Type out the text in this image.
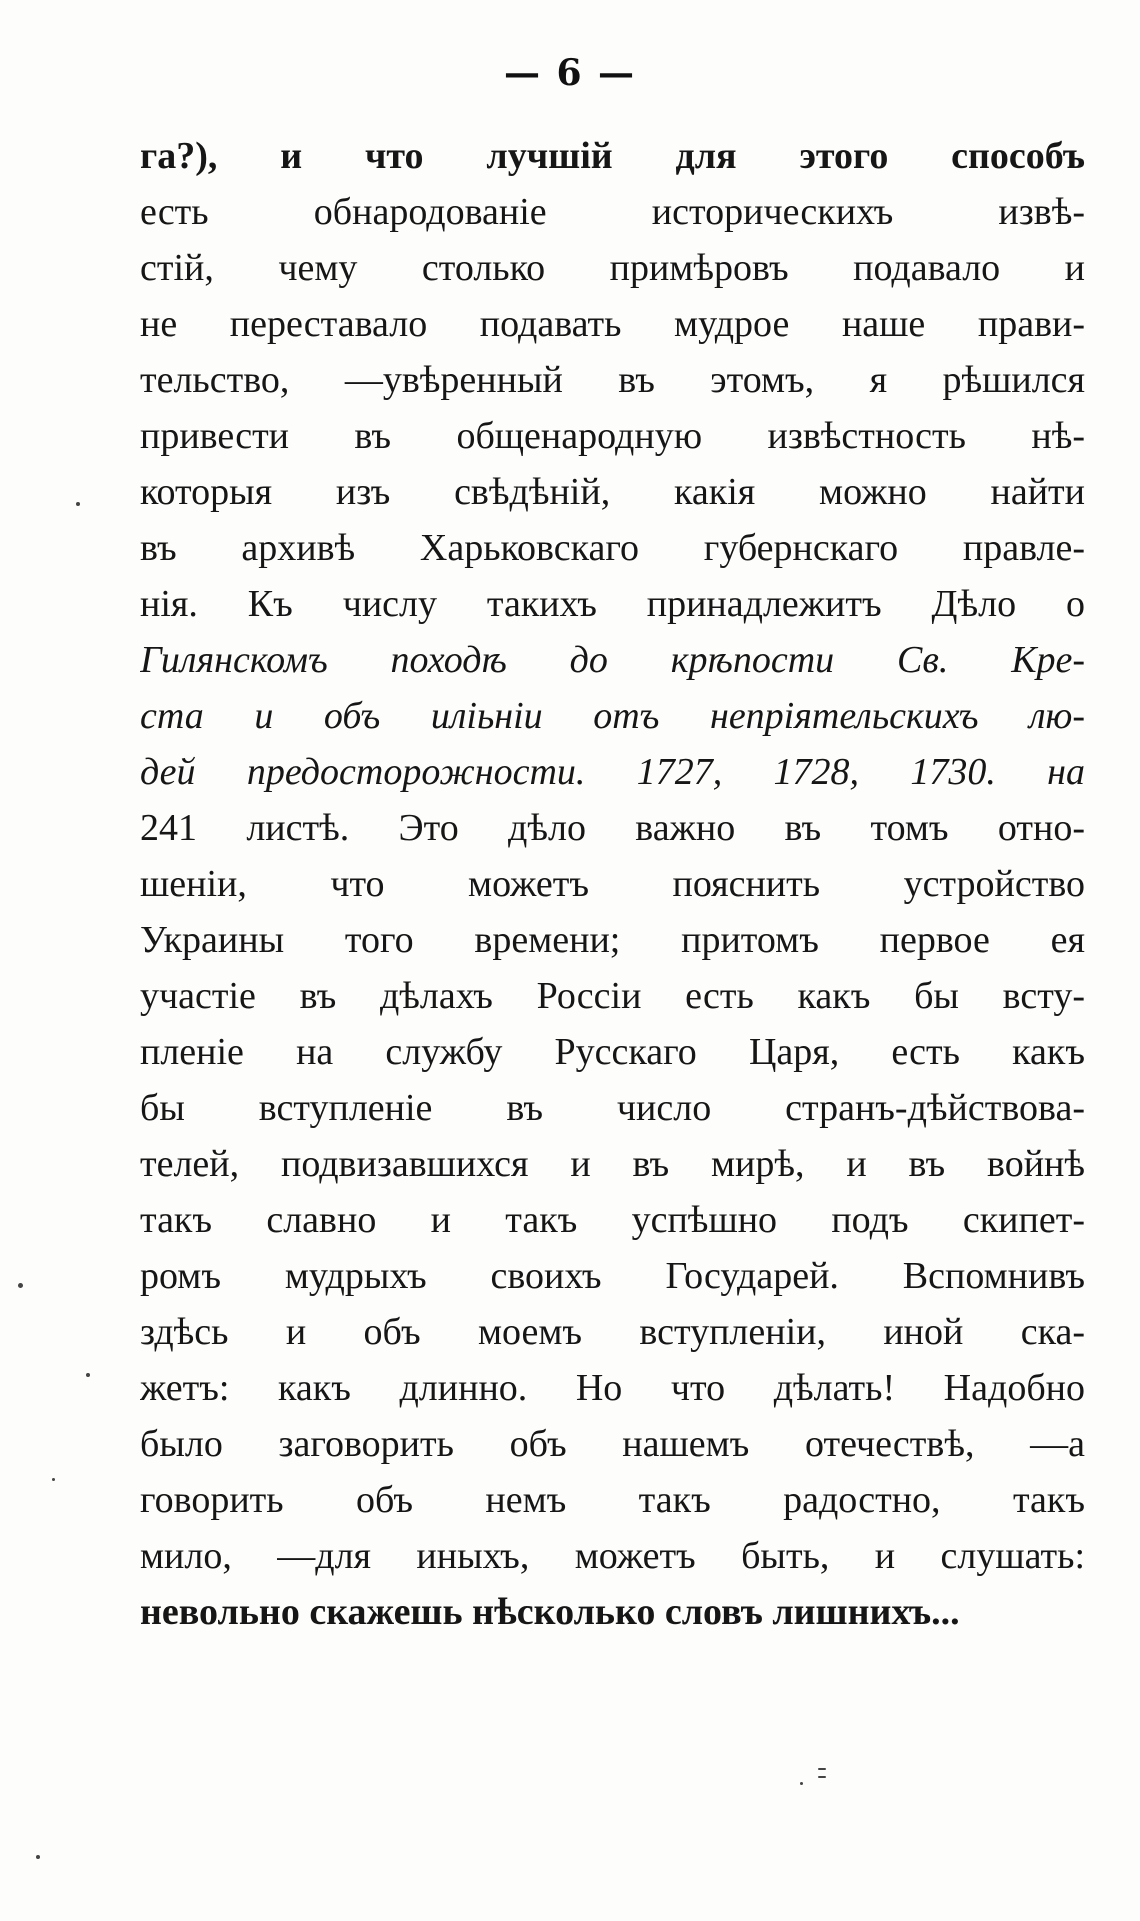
— 6 —
га?), и что лучшій для этого способъ
есть обнародованіе историческихъ извѣ-
стій, чему столько примѣровъ подавало и
не переставало подавать мудрое наше прави-
тельство, —увѣренный въ этомъ, я рѣшился
привести въ общенародную извѣстность нѣ-
которыя изъ свѣдѣній, какія можно найти
въ архивѣ Харьковскаго губернскаго правле-
нія. Къ числу такихъ принадлежитъ Дѣло о
Гилянскомъ походѣ до крѣпости Св. Кре-
ста и объ иліьніи отъ непріятельскихъ лю-
дей предосторожности. 1727, 1728, 1730. на
241 листѣ. Это дѣло важно въ томъ отно-
шеніи, что можетъ пояснить устройство
Украины того времени; притомъ первое ея
участіе въ дѣлахъ Россіи есть какъ бы всту-
пленіе на службу Русскаго Царя, есть какъ
бы вступленіе въ число странъ-дѣйствова-
телей, подвизавшихся и въ мирѣ, и въ войнѣ
такъ славно и такъ успѣшно подъ скипет-
ромъ мудрыхъ своихъ Государей. Вспомнивъ
здѣсь и объ моемъ вступленіи, иной ска-
жетъ: какъ длинно. Но что дѣлать! Надобно
было заговорить объ нашемъ отечествѣ, —а
говорить объ немъ такъ радостно, такъ
мило, —для иныхъ, можетъ быть, и слушать:
невольно скажешь нѣсколько словъ лишнихъ...
